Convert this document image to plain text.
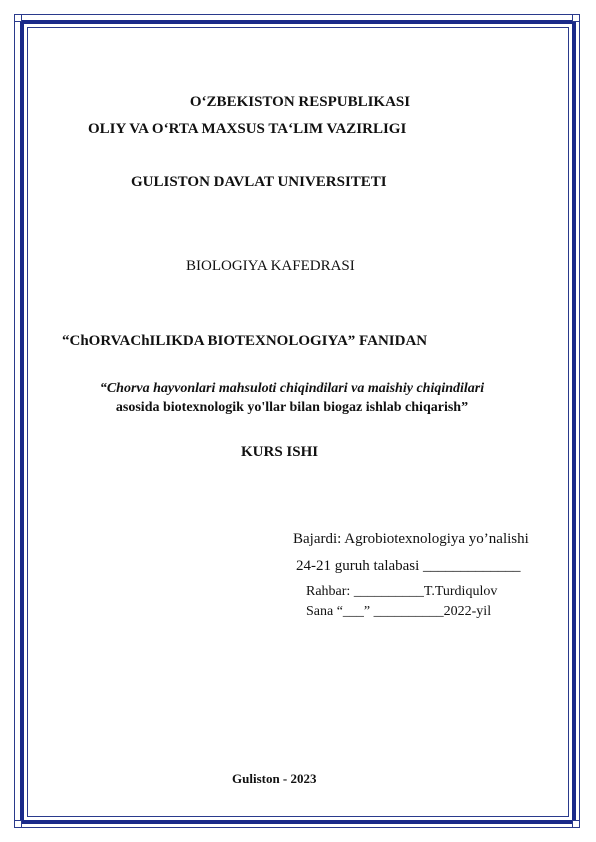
O‘ZBEKISTON RESPUBLIKASI
OLIY VA O‘RTA MAXSUS TA‘LIM VAZIRLIGI
GULISTON DAVLAT UNIVERSITETI
BIOLOGIYA KAFEDRASI
“ChORVAChILIKDA BIOTEXNOLOGIYA” FANIDAN
“Chorva hayvonlari mahsuloti chiqindilari va maishiy chiqindilari
asosida biotexnologik yo'llar bilan biogaz ishlab chiqarish”
KURS ISHI
Bajardi: Agrobiotexnologiya yo’nalishi
24-21 guruh talabasi _____________
Rahbar: __________T.Turdiqulov
Sana “___” __________2022-yil
Guliston - 2023
